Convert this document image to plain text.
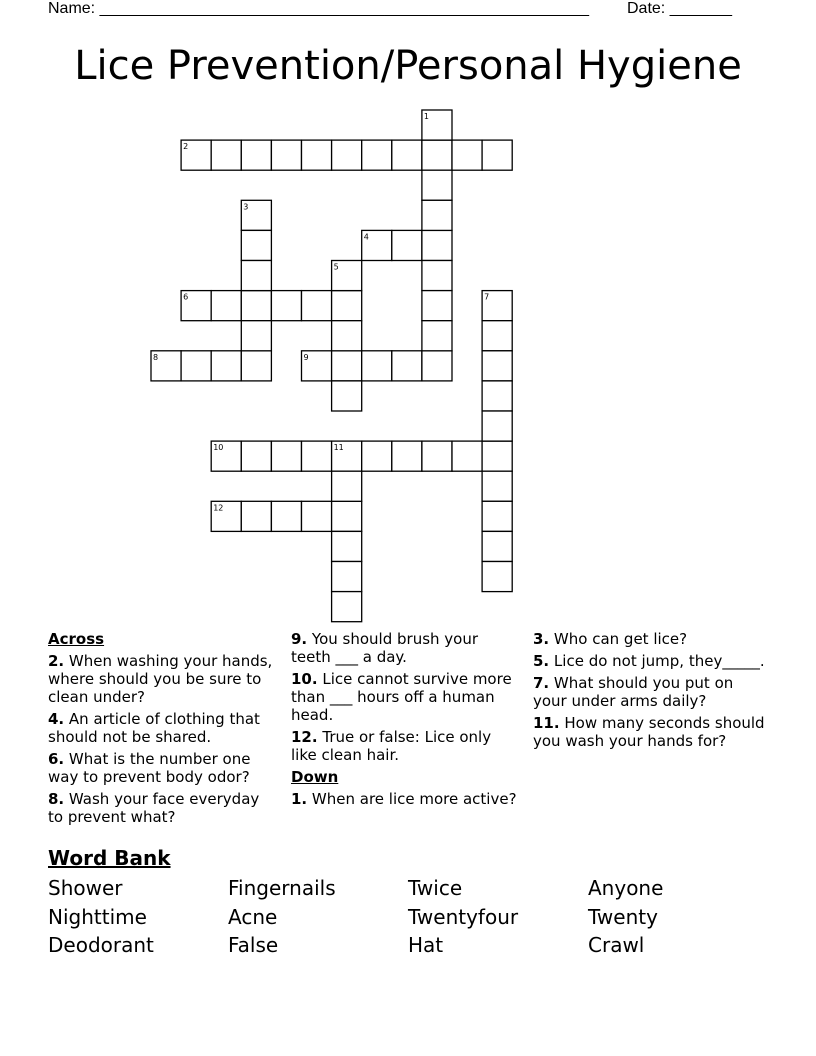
Name: _______________________________________________________ Date: _______
Lice Prevention/Personal Hygiene
1
2
3
4
5
6	7
8	9
10	11
12
Across
2. When washing your hands, where should you be sure to clean under?
4. An article of clothing that should not be shared.
6. What is the number one way to prevent body odor?
8. Wash your face everyday to prevent what?
9. You should brush your teeth ___ a day.
10. Lice cannot survive more than ___ hours off a human head.
12. True or false: Lice only like clean hair.
Down
1. When are lice more active?
3. Who can get lice?
5. Lice do not jump, they_____.
7. What should you put on your under arms daily?
11. How many seconds should you wash your hands for?
Word Bank
Shower	Fingernails	Twice	Anyone
Nighttime	Acne	Twentyfour	Twenty
Deodorant	False	Hat	Crawl
